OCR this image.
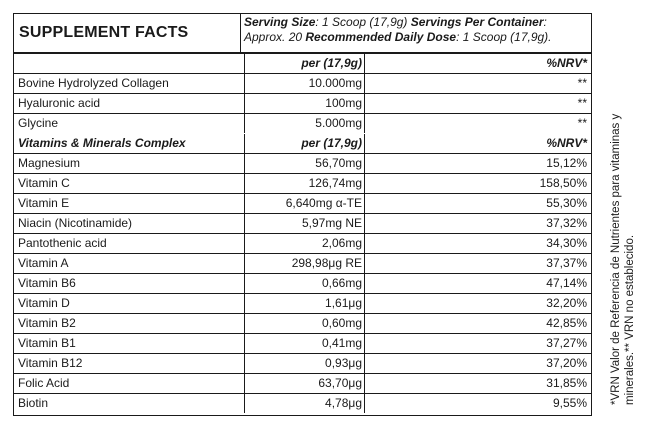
SUPPLEMENT FACTS
Serving Size: 1 Scoop (17,9g) Servings Per Container: Approx. 20 Recommended Daily Dose: 1 Scoop (17,9g).
per (17,9g)	%NRV*
Bovine Hydrolyzed Collagen	10.000mg	**
Hyaluronic acid	100mg	**
Glycine	5.000mg	**
Vitamins & Minerals Complex	per (17,9g)	%NRV*
Magnesium	56,70mg	15,12%
Vitamin C	126,74mg	158,50%
Vitamin E	6,640mg α-TE	55,30%
Niacin (Nicotinamide)	5,97mg NE	37,32%
Pantothenic acid	2,06mg	34,30%
Vitamin A	298,98μg RE	37,37%
Vitamin B6	0,66mg	47,14%
Vitamin D	1,61μg	32,20%
Vitamin B2	0,60mg	42,85%
Vitamin B1	0,41mg	37,27%
Vitamin B12	0,93μg	37,20%
Folic Acid	63,70μg	31,85%
Biotin	4,78μg	9,55%	*VRN Valor de Referencia de Nutrientes para vitaminas y minerales.** VRN no establecido.
